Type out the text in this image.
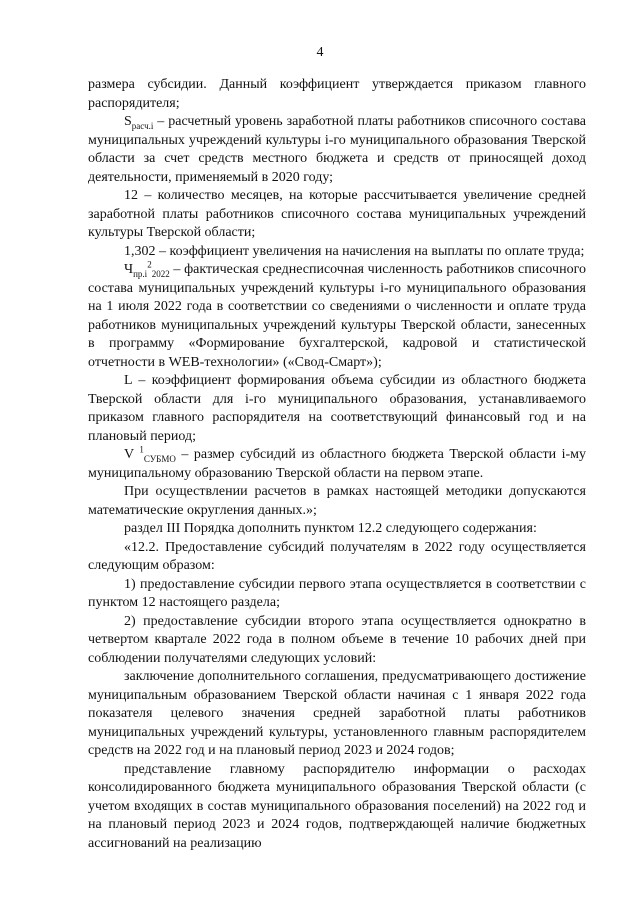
4

размера субсидии. Данный коэффициент утверждается приказом главного распорядителя;

$S_{расч.i}$ – расчетный уровень заработной платы работников списочного состава муниципальных учреждений культуры i-го муниципального образования Тверской области за счет средств местного бюджета и средств от приносящей доход деятельности, применяемый в 2020 году;

12 – количество месяцев, на которые рассчитывается увеличение средней заработной платы работников списочного состава муниципальных учреждений культуры Тверской области;

1,302 – коэффициент увеличения на начисления на выплаты по оплате труда;

$Ч_{пр.i}^2_{2022}$ – фактическая среднесписочная численность работников списочного состава муниципальных учреждений культуры i-го муниципального образования на 1 июля 2022 года в соответствии со сведениями о численности и оплате труда работников муниципальных учреждений культуры Тверской области, занесенных в программу «Формирование бухгалтерской, кадровой и статистической отчетности в WEB-технологии» («Свод-Смарт»);

L – коэффициент формирования объема субсидии из областного бюджета Тверской области для i-го муниципального образования, устанавливаемого приказом главного распорядителя на соответствующий финансовый год и на плановый период;

V $^1_{СУБМО}$ – размер субсидий из областного бюджета Тверской области i-му муниципальному образованию Тверской области на первом этапе.

При осуществлении расчетов в рамках настоящей методики допускаются математические округления данных.»;

раздел III Порядка дополнить пунктом 12.2 следующего содержания:

«12.2. Предоставление субсидий получателям в 2022 году осуществляется следующим образом:

1) предоставление субсидии первого этапа осуществляется в соответствии с пунктом 12 настоящего раздела;

2) предоставление субсидии второго этапа осуществляется однократно в четвертом квартале 2022 года в полном объеме в течение 10 рабочих дней при соблюдении получателями следующих условий:

заключение дополнительного соглашения, предусматривающего достижение муниципальным образованием Тверской области начиная с 1 января 2022 года показателя целевого значения средней заработной платы работников муниципальных учреждений культуры, установленного главным распорядителем средств на 2022 год и на плановый период 2023 и 2024 годов;

представление главному распорядителю информации о расходах консолидированного бюджета муниципального образования Тверской области (с учетом входящих в состав муниципального образования поселений) на 2022 год и на плановый период 2023 и 2024 годов, подтверждающей наличие бюджетных ассигнований на реализацию
